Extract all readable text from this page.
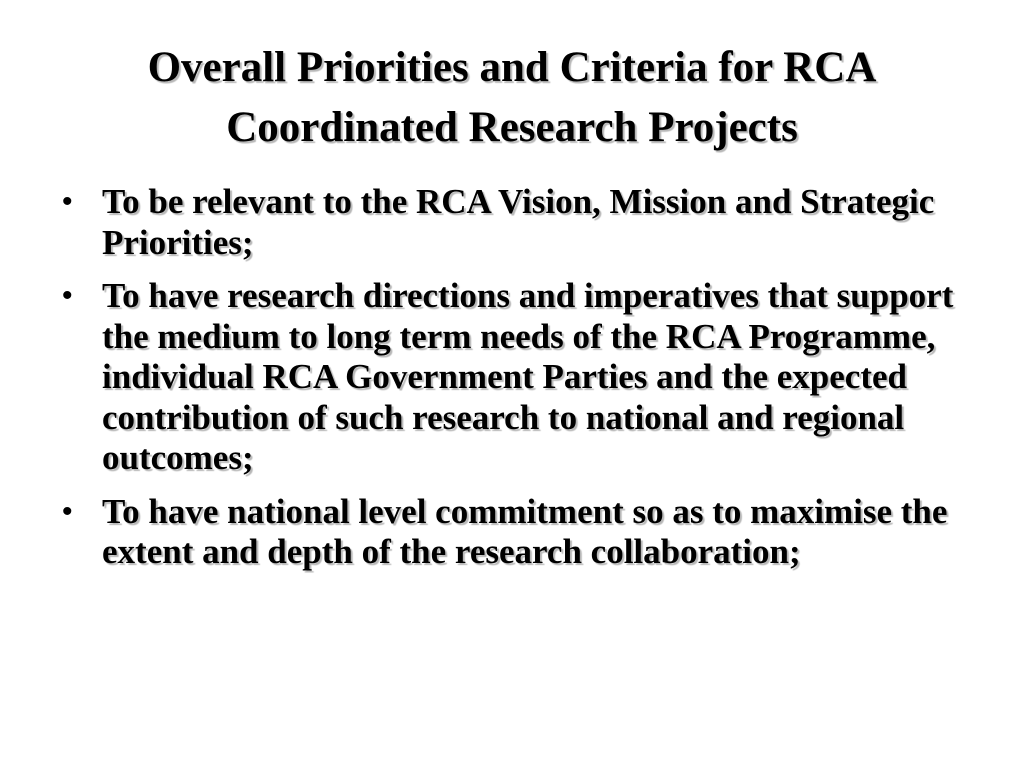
Overall Priorities and Criteria for RCA
Coordinated Research Projects
• To be relevant to the RCA Vision, Mission and Strategic Priorities;
• To have research directions and imperatives that support the medium to long term needs of the RCA Programme, individual RCA Government Parties and the expected contribution of such research to national and regional outcomes;
• To have national level commitment so as to maximise the extent and depth of the research collaboration;
